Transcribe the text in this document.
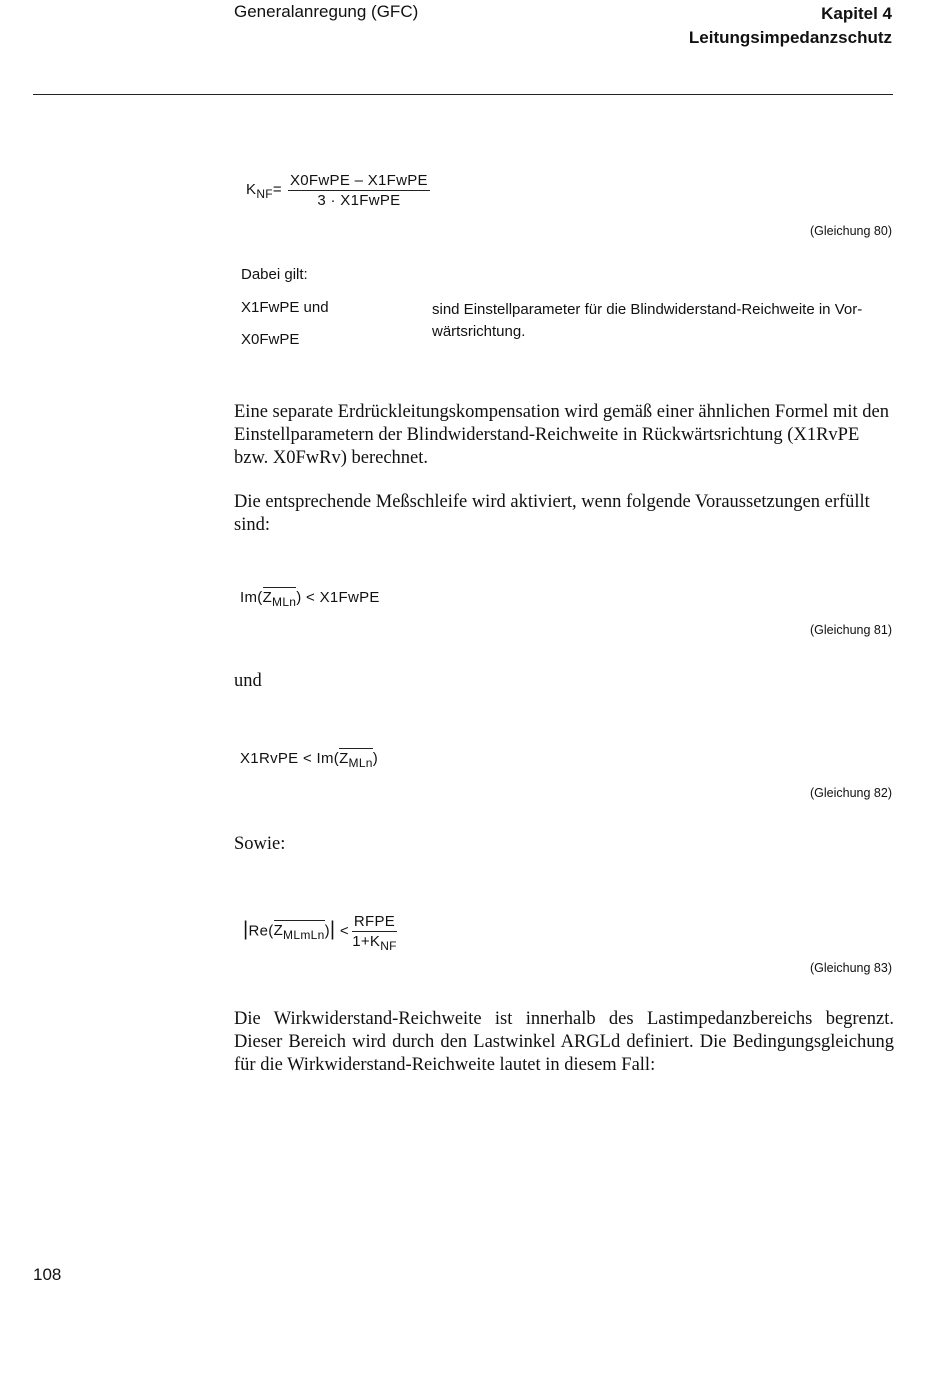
Generalanregung (GFC)	Kapitel 4
Leitungsimpedanzschutz
$K_{NF}= \frac{\text{X0FwPE – X1FwPE}}{\text{3 · X1FwPE}}$
(Gleichung 80)
Dabei gilt:
X1FwPE und
X0FwPE
sind Einstellparameter für die Blindwiderstand-Reichweite in Vor-wärtsrichtung.
Eine separate Erdrückleitungskompensation wird gemäß einer ähnlichen Formel mit den Einstellparametern der Blindwiderstand-Reichweite in Rückwärtsrichtung (X1RvPE bzw. X0FwRv) berechnet.
Die entsprechende Meßschleife wird aktiviert, wenn folgende Voraussetzungen erfüllt sind:
$Im(Z_{MLn})$ < X1FwPE
(Gleichung 81)
und
X1RvPE < $Im(Z_{MLn})$
(Gleichung 82)
Sowie:
$|Re(Z_{MLmLn})| < \frac{\text{RFPE}}{1+K_{NF}}$
(Gleichung 83)
Die Wirkwiderstand-Reichweite ist innerhalb des Lastimpedanzbereichs begrenzt. Dieser Bereich wird durch den Lastwinkel ARGLd definiert. Die Bedingungsgleichung für die Wirkwiderstand-Reichweite lautet in diesem Fall:
108
